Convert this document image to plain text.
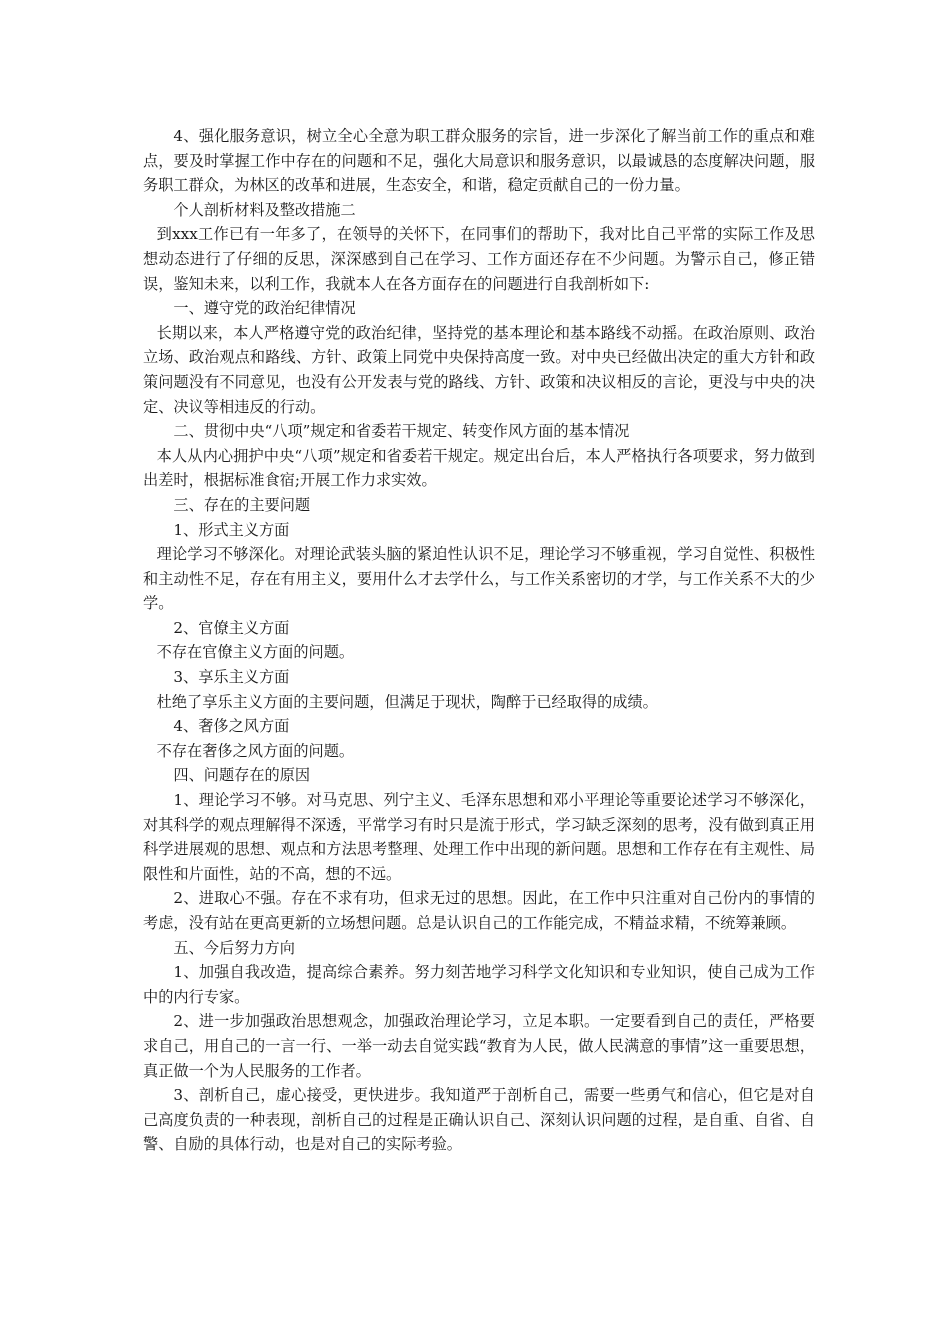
4、强化服务意识，树立全心全意为职工群众服务的宗旨，进一步深化了解当前工作的重点和难点，要及时掌握工作中存在的问题和不足，强化大局意识和服务意识，以最诚恳的态度解决问题，服务职工群众，为林区的改革和进展，生态安全，和谐，稳定贡献自己的一份力量。

个人剖析材料及整改措施二

到xxx工作已有一年多了，在领导的关怀下，在同事们的帮助下，我对比自己平常的实际工作及思想动态进行了仔细的反思，深深感到自己在学习、工作方面还存在不少问题。为警示自己，修正错误，鉴知未来，以利工作，我就本人在各方面存在的问题进行自我剖析如下:

一、遵守党的政治纪律情况

长期以来，本人严格遵守党的政治纪律，坚持党的基本理论和基本路线不动摇。在政治原则、政治立场、政治观点和路线、方针、政策上同党中央保持高度一致。对中央已经做出决定的重大方针和政策问题没有不同意见，也没有公开发表与党的路线、方针、政策和决议相反的言论，更没与中央的决定、决议等相违反的行动。

二、贯彻中央“八项”规定和省委若干规定、转变作风方面的基本情况

本人从内心拥护中央“八项”规定和省委若干规定。规定出台后，本人严格执行各项要求，努力做到出差时，根据标准食宿;开展工作力求实效。

三、存在的主要问题

1、形式主义方面

理论学习不够深化。对理论武装头脑的紧迫性认识不足，理论学习不够重视，学习自觉性、积极性和主动性不足，存在有用主义，要用什么才去学什么，与工作关系密切的才学，与工作关系不大的少学。

2、官僚主义方面

不存在官僚主义方面的问题。

3、享乐主义方面

杜绝了享乐主义方面的主要问题，但满足于现状，陶醉于已经取得的成绩。

4、奢侈之风方面

不存在奢侈之风方面的问题。

四、问题存在的原因

1、理论学习不够。对马克思、列宁主义、毛泽东思想和邓小平理论等重要论述学习不够深化，对其科学的观点理解得不深透，平常学习有时只是流于形式，学习缺乏深刻的思考，没有做到真正用科学进展观的思想、观点和方法思考整理、处理工作中出现的新问题。思想和工作存在有主观性、局限性和片面性，站的不高，想的不远。

2、进取心不强。存在不求有功，但求无过的思想。因此，在工作中只注重对自己份内的事情的考虑，没有站在更高更新的立场想问题。总是认识自己的工作能完成，不精益求精，不统筹兼顾。

五、今后努力方向

1、加强自我改造，提高综合素养。努力刻苦地学习科学文化知识和专业知识，使自己成为工作中的内行专家。

2、进一步加强政治思想观念，加强政治理论学习，立足本职。一定要看到自己的责任，严格要求自己，用自己的一言一行、一举一动去自觉实践“教育为人民，做人民满意的事情”这一重要思想，真正做一个为人民服务的工作者。

3、剖析自己，虚心接受，更快进步。我知道严于剖析自己，需要一些勇气和信心，但它是对自己高度负责的一种表现，剖析自己的过程是正确认识自己、深刻认识问题的过程，是自重、自省、自警、自励的具体行动，也是对自己的实际考验。
